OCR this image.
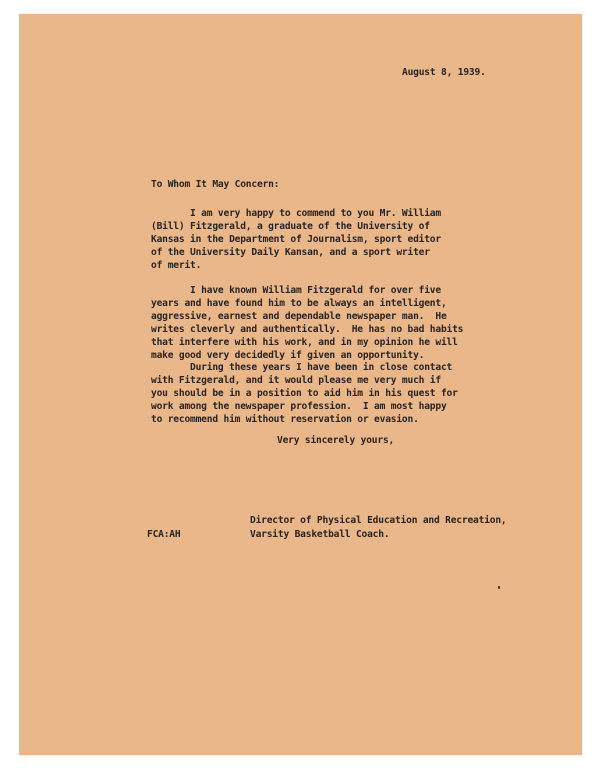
August 8, 1939.
To Whom It May Concern:
I am very happy to commend to you Mr. William
(Bill) Fitzgerald, a graduate of the University of
Kansas in the Department of Journalism, sport editor
of the University Daily Kansan, and a sport writer
of merit.
I have known William Fitzgerald for over five
years and have found him to be always an intelligent,
aggressive, earnest and dependable newspaper man.  He
writes cleverly and authentically.  He has no bad habits
that interfere with his work, and in my opinion he will
make good very decidedly if given an opportunity.
During these years I have been in close contact
with Fitzgerald, and it would please me very much if
you should be in a position to aid him in his quest for
work among the newspaper profession.  I am most happy
to recommend him without reservation or evasion.
Very sincerely yours,
Director of Physical Education and Recreation,
Varsity Basketball Coach.
FCA:AH
